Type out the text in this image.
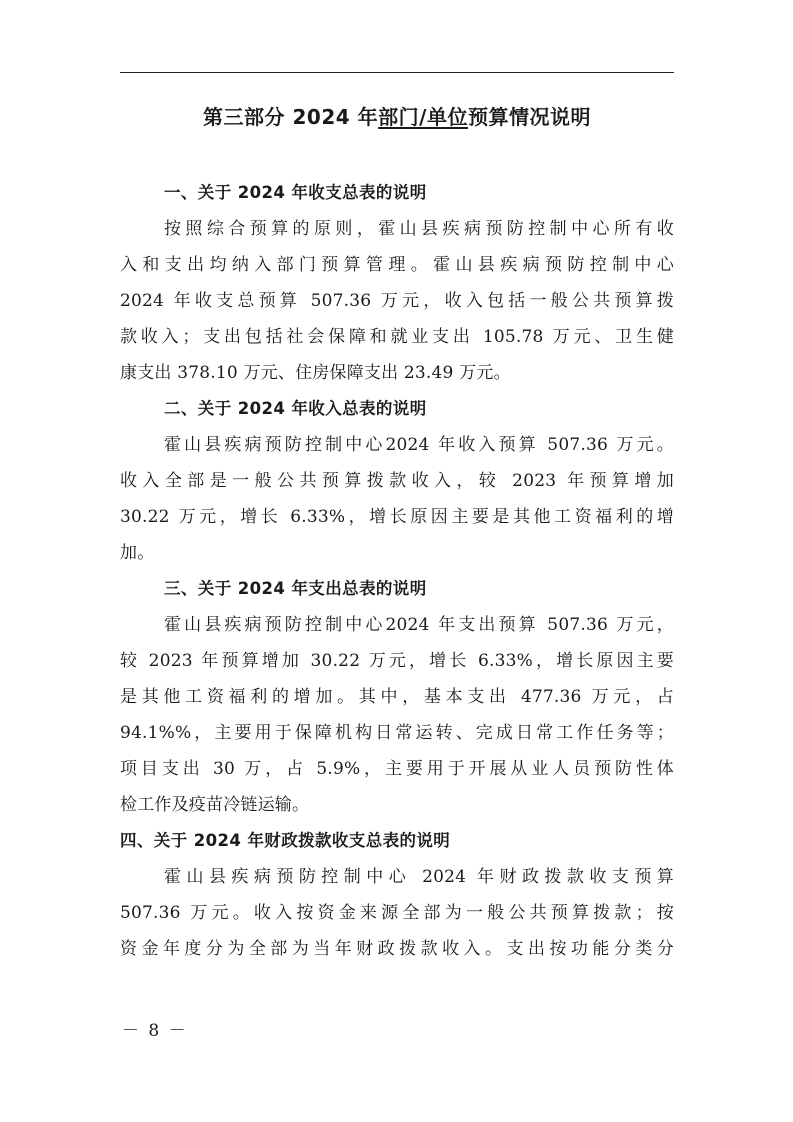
第三部分 2024 年部门/单位预算情况说明
一、关于 2024 年收支总表的说明
按照综合预算的原则，霍山县疾病预防控制中心所有收
入和支出均纳入部门预算管理。霍山县疾病预防控制中心
2024 年收支总预算 507.36 万元，收入包括一般公共预算拨
款收入；支出包括社会保障和就业支出 105.78 万元、卫生健
康支出 378.10 万元、住房保障支出 23.49 万元。
二、关于 2024 年收入总表的说明
霍山县疾病预防控制中心2024 年收入预算 507.36 万元。
收入全部是一般公共预算拨款收入，较 2023 年预算增加
30.22 万元，增长 6.33%，增长原因主要是其他工资福利的增
加。
三、关于 2024 年支出总表的说明
霍山县疾病预防控制中心2024 年支出预算 507.36 万元，
较 2023 年预算增加 30.22 万元，增长 6.33%，增长原因主要
是其他工资福利的增加。其中，基本支出 477.36 万元，占
94.1%%，主要用于保障机构日常运转、完成日常工作任务等；
项目支出 30 万，占 5.9%，主要用于开展从业人员预防性体
检工作及疫苗冷链运输。
四、关于 2024 年财政拨款收支总表的说明
霍山县疾病预防控制中心 2024 年财政拨款收支预算
507.36 万元。收入按资金来源全部为一般公共预算拨款；按
资金年度分为全部为当年财政拨款收入。支出按功能分类分
－ 8 －
